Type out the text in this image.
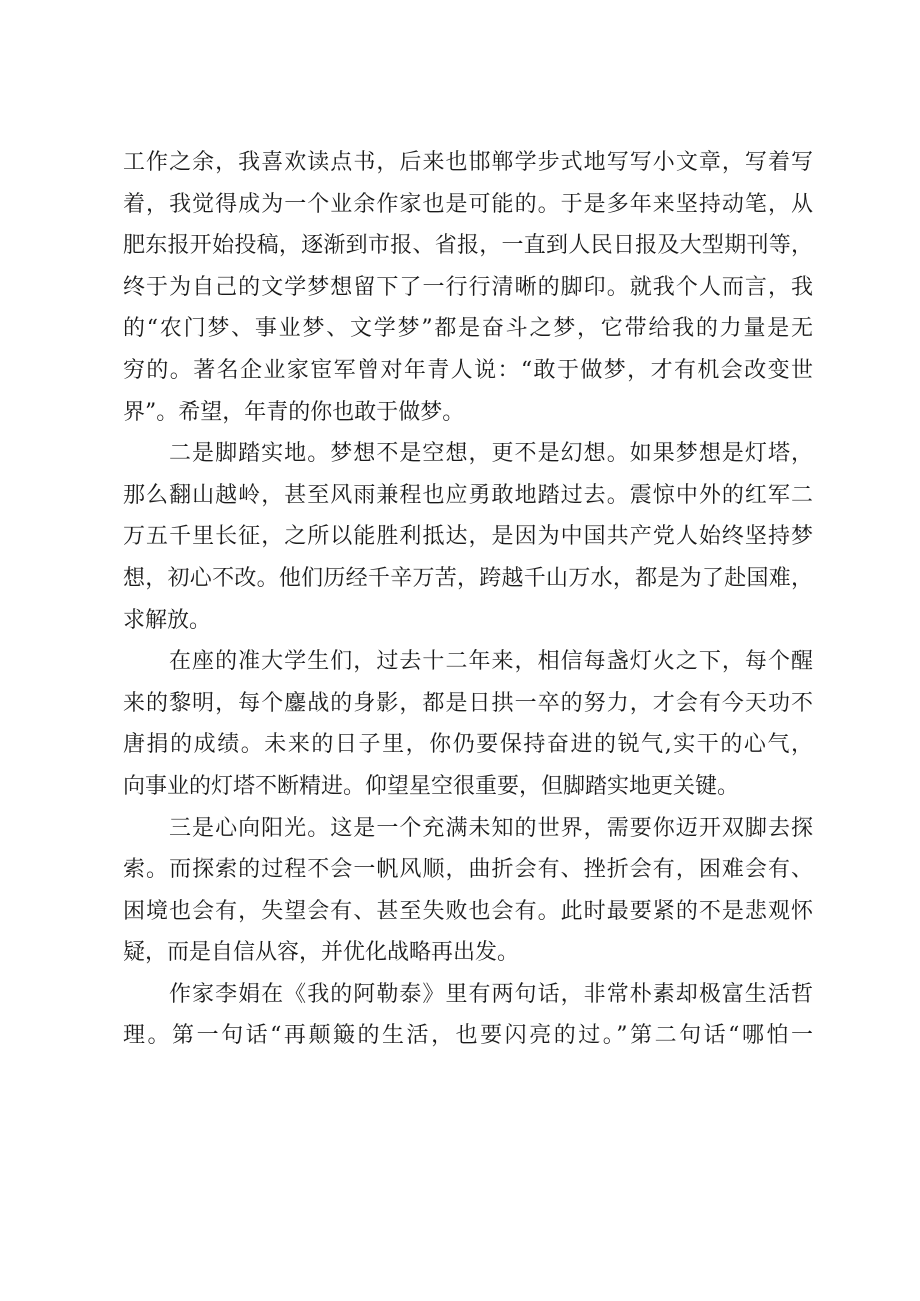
工作之余，我喜欢读点书，后来也邯郸学步式地写写小文章，写着写
着，我觉得成为一个业余作家也是可能的。于是多年来坚持动笔，从
肥东报开始投稿，逐渐到市报、省报，一直到人民日报及大型期刊等，
终于为自己的文学梦想留下了一行行清晰的脚印。就我个人而言，我
的“农门梦、事业梦、文学梦”都是奋斗之梦，它带给我的力量是无
穷的。著名企业家宦军曾对年青人说：“敢于做梦，才有机会改变世
界”。希望，年青的你也敢于做梦。
二是脚踏实地。梦想不是空想，更不是幻想。如果梦想是灯塔，
那么翻山越岭，甚至风雨兼程也应勇敢地踏过去。震惊中外的红军二
万五千里长征，之所以能胜利抵达，是因为中国共产党人始终坚持梦
想，初心不改。他们历经千辛万苦，跨越千山万水，都是为了赴国难，
求解放。
在座的准大学生们，过去十二年来，相信每盏灯火之下，每个醒
来的黎明，每个鏖战的身影，都是日拱一卒的努力，才会有今天功不
唐捐的成绩。未来的日子里，你仍要保持奋进的锐气,实干的心气，
向事业的灯塔不断精进。仰望星空很重要，但脚踏实地更关键。
三是心向阳光。这是一个充满未知的世界，需要你迈开双脚去探
索。而探索的过程不会一帆风顺，曲折会有、挫折会有，困难会有、
困境也会有，失望会有、甚至失败也会有。此时最要紧的不是悲观怀
疑，而是自信从容，并优化战略再出发。
作家李娟在《我的阿勒泰》里有两句话，非常朴素却极富生活哲
理。第一句话“再颠簸的生活，也要闪亮的过。”第二句话“哪怕一
